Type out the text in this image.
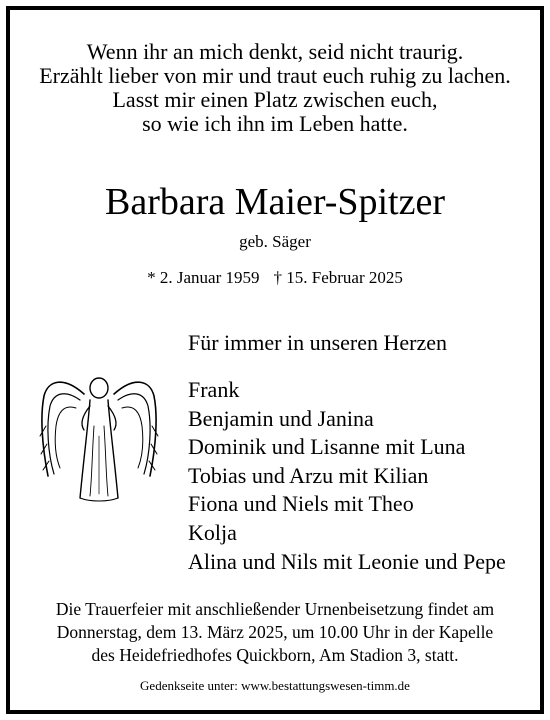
Wenn ihr an mich denkt, seid nicht traurig.
Erzählt lieber von mir und traut euch ruhig zu lachen.
Lasst mir einen Platz zwischen euch,
so wie ich ihn im Leben hatte.
Barbara Maier-Spitzer
geb. Säger
* 2. Januar 1959 † 15. Februar 2025
Für immer in unseren Herzen
Frank
Benjamin und Janina
Dominik und Lisanne mit Luna
Tobias und Arzu mit Kilian
Fiona und Niels mit Theo
Kolja
Alina und Nils mit Leonie und Pepe
Die Trauerfeier mit anschließender Urnenbeisetzung findet am
Donnerstag, dem 13. März 2025, um 10.00 Uhr in der Kapelle
des Heidefriedhofes Quickborn, Am Stadion 3, statt.
Gedenkseite unter: www.bestattungswesen-timm.de
